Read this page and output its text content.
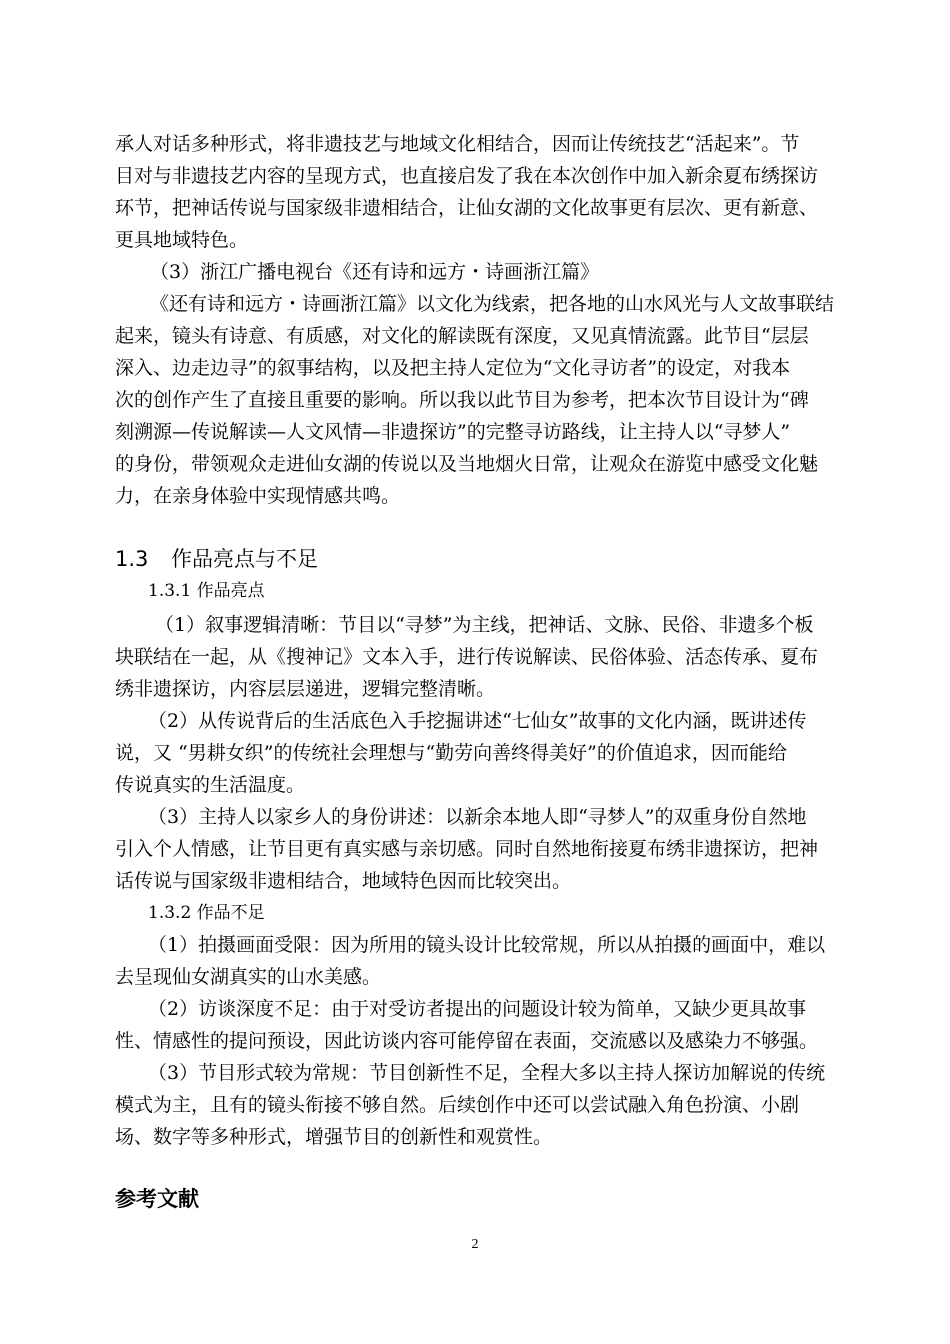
承人对话多种形式，将非遗技艺与地域文化相结合，因而让传统技艺“活起来”。节
目对与非遗技艺内容的呈现方式，也直接启发了我在本次创作中加入新余夏布绣探访
环节，把神话传说与国家级非遗相结合，让仙女湖的文化故事更有层次、更有新意、
更具地域特色。
（3）浙江广播电视台《还有诗和远方・诗画浙江篇》
《还有诗和远方・诗画浙江篇》以文化为线索，把各地的山水风光与人文故事联结
起来，镜头有诗意、有质感，对文化的解读既有深度，又见真情流露。此节目“层层
深入、边走边寻”的叙事结构，以及把主持人定位为“文化寻访者”的设定，对我本
次的创作产生了直接且重要的影响。所以我以此节目为参考，把本次节目设计为“碑
刻溯源—传说解读—人文风情—非遗探访”的完整寻访路线，让主持人以“寻梦人”
的身份，带领观众走进仙女湖的传说以及当地烟火日常，让观众在游览中感受文化魅
力，在亲身体验中实现情感共鸣。
1.3 作品亮点与不足
1.3.1 作品亮点
（1）叙事逻辑清晰：节目以“寻梦”为主线，把神话、文脉、民俗、非遗多个板
块联结在一起，从《搜神记》文本入手，进行传说解读、民俗体验、活态传承、夏布
绣非遗探访，内容层层递进，逻辑完整清晰。
（2）从传说背后的生活底色入手挖掘讲述“七仙女”故事的文化内涵，既讲述传
说，又 “男耕女织”的传统社会理想与“勤劳向善终得美好”的价值追求，因而能给
传说真实的生活温度。
（3）主持人以家乡人的身份讲述：以新余本地人即“寻梦人”的双重身份自然地
引入个人情感，让节目更有真实感与亲切感。同时自然地衔接夏布绣非遗探访，把神
话传说与国家级非遗相结合，地域特色因而比较突出。
1.3.2 作品不足
（1）拍摄画面受限：因为所用的镜头设计比较常规，所以从拍摄的画面中，难以
去呈现仙女湖真实的山水美感。
（2）访谈深度不足：由于对受访者提出的问题设计较为简单，又缺少更具故事
性、情感性的提问预设，因此访谈内容可能停留在表面，交流感以及感染力不够强。
（3）节目形式较为常规：节目创新性不足，全程大多以主持人探访加解说的传统
模式为主，且有的镜头衔接不够自然。后续创作中还可以尝试融入角色扮演、小剧
场、数字等多种形式，增强节目的创新性和观赏性。
参考文献
2
